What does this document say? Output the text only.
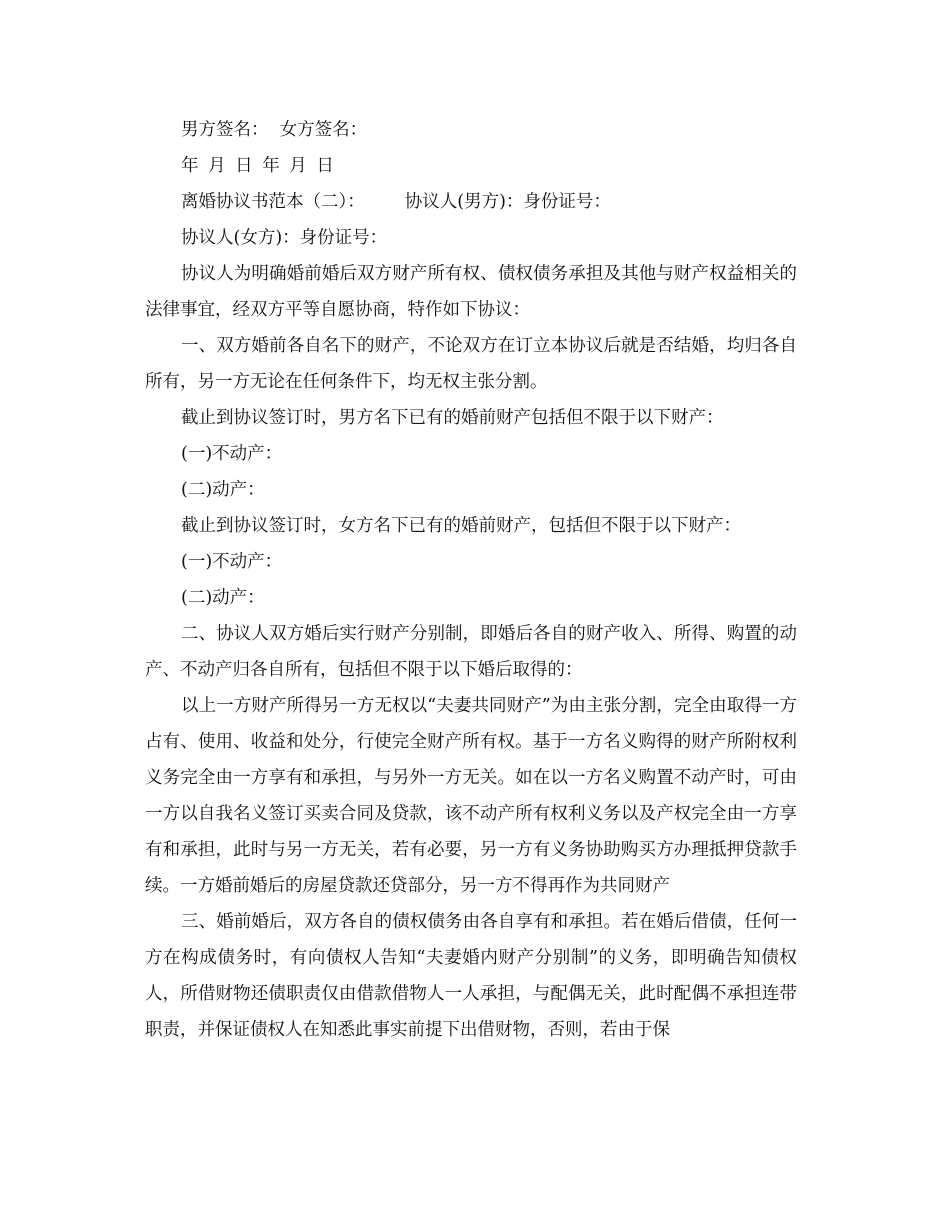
男方签名：  女方签名：

年 月 日 年 月 日

离婚协议书范本（二）： 协议人(男方)：身份证号：

协议人(女方)：身份证号：

协议人为明确婚前婚后双方财产所有权、债权债务承担及其他与财产权益相关的法律事宜，经双方平等自愿协商，特作如下协议：

一、双方婚前各自名下的财产，不论双方在订立本协议后就是否结婚，均归各自所有，另一方无论在任何条件下，均无权主张分割。

截止到协议签订时，男方名下已有的婚前财产包括但不限于以下财产：

(一)不动产：

(二)动产：

截止到协议签订时，女方名下已有的婚前财产，包括但不限于以下财产：

(一)不动产：

(二)动产：

二、协议人双方婚后实行财产分别制，即婚后各自的财产收入、所得、购置的动产、不动产归各自所有，包括但不限于以下婚后取得的：

以上一方财产所得另一方无权以“夫妻共同财产”为由主张分割，完全由取得一方占有、使用、收益和处分，行使完全财产所有权。基于一方名义购得的财产所附权利义务完全由一方享有和承担，与另外一方无关。如在以一方名义购置不动产时，可由一方以自我名义签订买卖合同及贷款，该不动产所有权利义务以及产权完全由一方享有和承担，此时与另一方无关，若有必要，另一方有义务协助购买方办理抵押贷款手续。一方婚前婚后的房屋贷款还贷部分，另一方不得再作为共同财产

三、婚前婚后，双方各自的债权债务由各自享有和承担。若在婚后借债，任何一方在构成债务时，有向债权人告知“夫妻婚内财产分别制”的义务，即明确告知债权人，所借财物还债职责仅由借款借物人一人承担，与配偶无关，此时配偶不承担连带职责，并保证债权人在知悉此事实前提下出借财物，否则，若由于保
